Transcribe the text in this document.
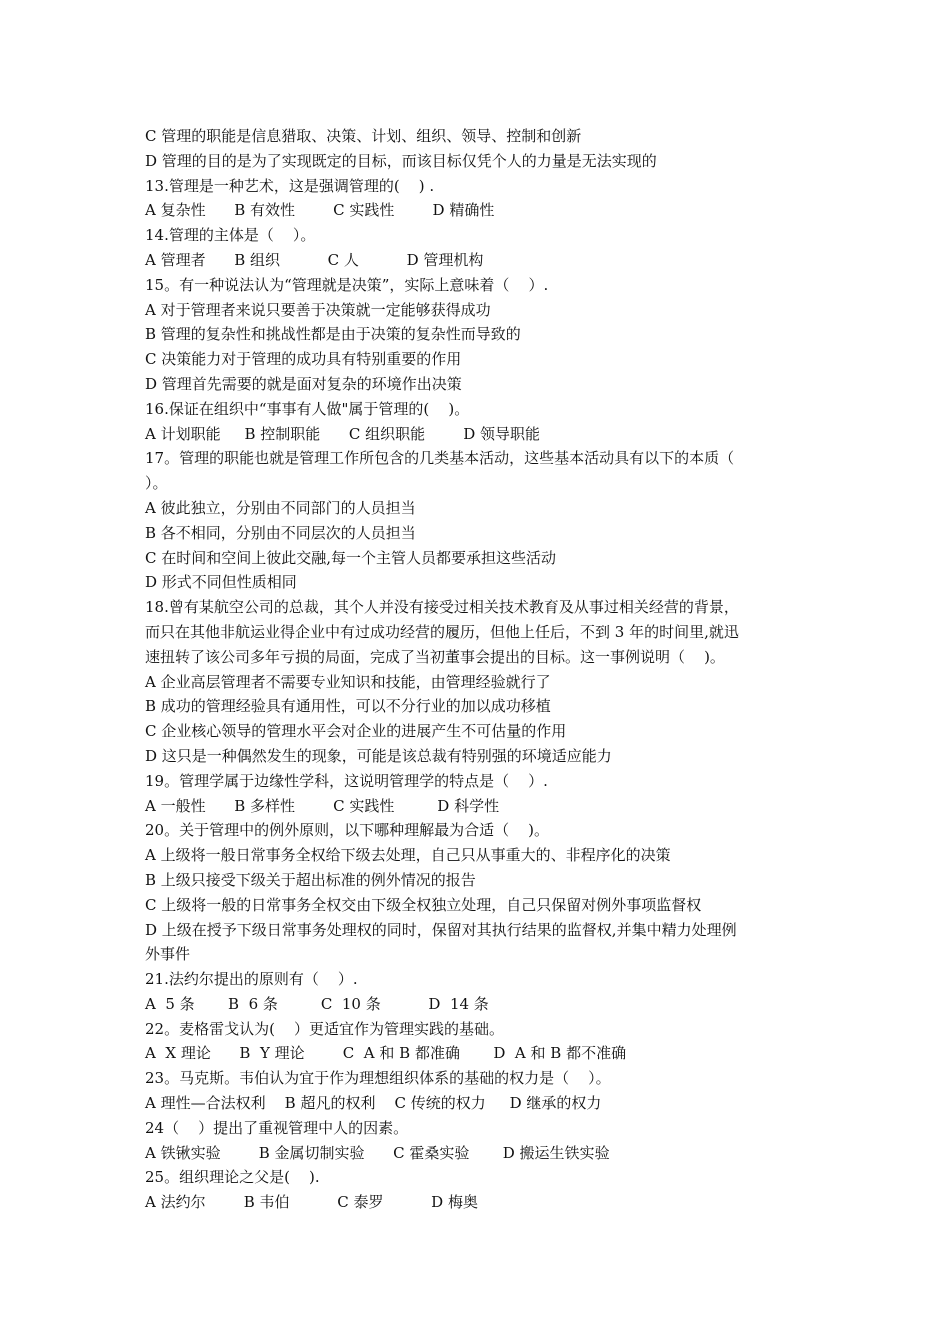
C 管理的职能是信息猎取、决策、计划、组织、领导、控制和创新
D 管理的目的是为了实现既定的目标，而该目标仅凭个人的力量是无法实现的
13.管理是一种艺术，这是强调管理的(    ) .
A 复杂性      B 有效性        C 实践性        D 精确性
14.管理的主体是（    ）。
A 管理者      B 组织          C 人          D 管理机构
15。有一种说法认为“管理就是决策”，实际上意味着（    ）.
A 对于管理者来说只要善于决策就一定能够获得成功
B 管理的复杂性和挑战性都是由于决策的复杂性而导致的
C 决策能力对于管理的成功具有特别重要的作用
D 管理首先需要的就是面对复杂的环境作出决策
16.保证在组织中“事事有人做"属于管理的(    )。
A 计划职能     B 控制职能      C 组织职能        D 领导职能
17。管理的职能也就是管理工作所包含的几类基本活动，这些基本活动具有以下的本质（
）。
A 彼此独立，分别由不同部门的人员担当
B 各不相同，分别由不同层次的人员担当
C 在时间和空间上彼此交融,每一个主管人员都要承担这些活动
D 形式不同但性质相同
18.曾有某航空公司的总裁，其个人并没有接受过相关技术教育及从事过相关经营的背景，
而只在其他非航运业得企业中有过成功经营的履历，但他上任后，不到 3 年的时间里,就迅
速扭转了该公司多年亏损的局面，完成了当初董事会提出的目标。这一事例说明（    )。
A 企业高层管理者不需要专业知识和技能，由管理经验就行了
B 成功的管理经验具有通用性，可以不分行业的加以成功移植
C 企业核心领导的管理水平会对企业的进展产生不可估量的作用
D 这只是一种偶然发生的现象，可能是该总裁有特别强的环境适应能力
19。管理学属于边缘性学科，这说明管理学的特点是（    ）.
A 一般性      B 多样性        C 实践性         D 科学性
20。关于管理中的例外原则，以下哪种理解最为合适（    )。
A 上级将一般日常事务全权给下级去处理，自己只从事重大的、非程序化的决策
B 上级只接受下级关于超出标准的例外情况的报告
C 上级将一般的日常事务全权交由下级全权独立处理，自己只保留对例外事项监督权
D 上级在授予下级日常事务处理权的同时，保留对其执行结果的监督权,并集中精力处理例
外事件
21.法约尔提出的原则有（    ）.
A  5 条       B  6 条         C  10 条          D  14 条
22。麦格雷戈认为(    ）更适宜作为管理实践的基础。
A  X 理论      B  Y 理论        C  A 和 B 都准确       D  A 和 B 都不准确
23。马克斯。韦伯认为宜于作为理想组织体系的基础的权力是（    ）。
A 理性—合法权利    B 超凡的权利    C 传统的权力     D 继承的权力
24（    ）提出了重视管理中人的因素。
A 铁锹实验        B 金属切制实验      C 霍桑实验       D 搬运生铁实验
25。组织理论之父是(    ).
A 法约尔        B 韦伯          C 泰罗          D 梅奥
